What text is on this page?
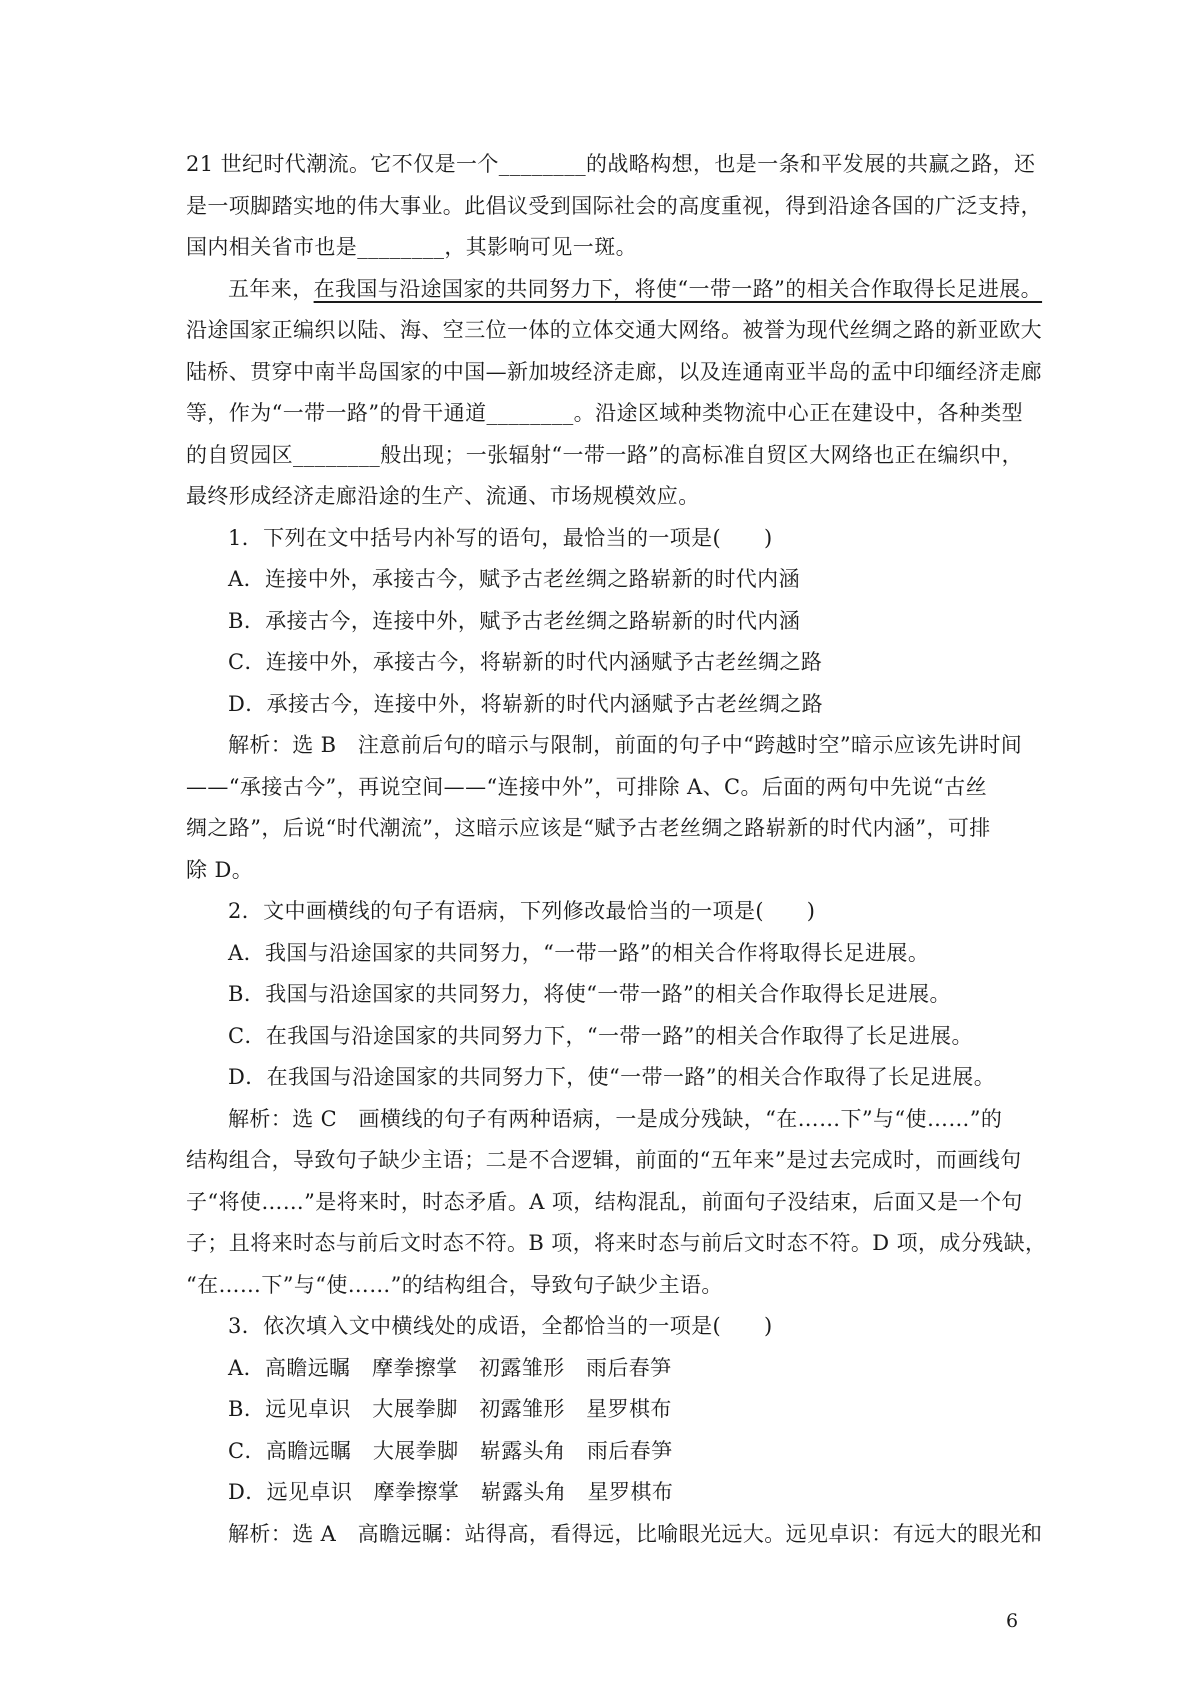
21 世纪时代潮流。它不仅是一个________的战略构想，也是一条和平发展的共赢之路，还
是一项脚踏实地的伟大事业。此倡议受到国际社会的高度重视，得到沿途各国的广泛支持，
国内相关省市也是________，其影响可见一斑。
五年来，在我国与沿途国家的共同努力下，将使“一带一路”的相关合作取得长足进展。
沿途国家正编织以陆、海、空三位一体的立体交通大网络。被誉为现代丝绸之路的新亚欧大
陆桥、贯穿中南半岛国家的中国—新加坡经济走廊，以及连通南亚半岛的孟中印缅经济走廊
等，作为“一带一路”的骨干通道________。沿途区域种类物流中心正在建设中，各种类型
的自贸园区________般出现；一张辐射“一带一路”的高标准自贸区大网络也正在编织中，
最终形成经济走廊沿途的生产、流通、市场规模效应。
1．下列在文中括号内补写的语句，最恰当的一项是(　　)
A．连接中外，承接古今，赋予古老丝绸之路崭新的时代内涵
B．承接古今，连接中外，赋予古老丝绸之路崭新的时代内涵
C．连接中外，承接古今，将崭新的时代内涵赋予古老丝绸之路
D．承接古今，连接中外，将崭新的时代内涵赋予古老丝绸之路
解析：选 B　注意前后句的暗示与限制，前面的句子中“跨越时空”暗示应该先讲时间
——“承接古今”，再说空间——“连接中外”，可排除 A、C。后面的两句中先说“古丝
绸之路”，后说“时代潮流”，这暗示应该是“赋予古老丝绸之路崭新的时代内涵”，可排
除 D。
2．文中画横线的句子有语病，下列修改最恰当的一项是(　　)
A．我国与沿途国家的共同努力，“一带一路”的相关合作将取得长足进展。
B．我国与沿途国家的共同努力，将使“一带一路”的相关合作取得长足进展。
C．在我国与沿途国家的共同努力下，“一带一路”的相关合作取得了长足进展。
D．在我国与沿途国家的共同努力下，使“一带一路”的相关合作取得了长足进展。
解析：选 C　画横线的句子有两种语病，一是成分残缺，“在……下”与“使……”的
结构组合，导致句子缺少主语；二是不合逻辑，前面的“五年来”是过去完成时，而画线句
子“将使……”是将来时，时态矛盾。A 项，结构混乱，前面句子没结束，后面又是一个句
子；且将来时态与前后文时态不符。B 项，将来时态与前后文时态不符。D 项，成分残缺，
“在……下”与“使……”的结构组合，导致句子缺少主语。
3．依次填入文中横线处的成语，全都恰当的一项是(　　)
A．高瞻远瞩　摩拳擦掌　初露雏形　雨后春笋
B．远见卓识　大展拳脚　初露雏形　星罗棋布
C．高瞻远瞩　大展拳脚　崭露头角　雨后春笋
D．远见卓识　摩拳擦掌　崭露头角　星罗棋布
解析：选 A　高瞻远瞩：站得高，看得远，比喻眼光远大。远见卓识：有远大的眼光和
6
